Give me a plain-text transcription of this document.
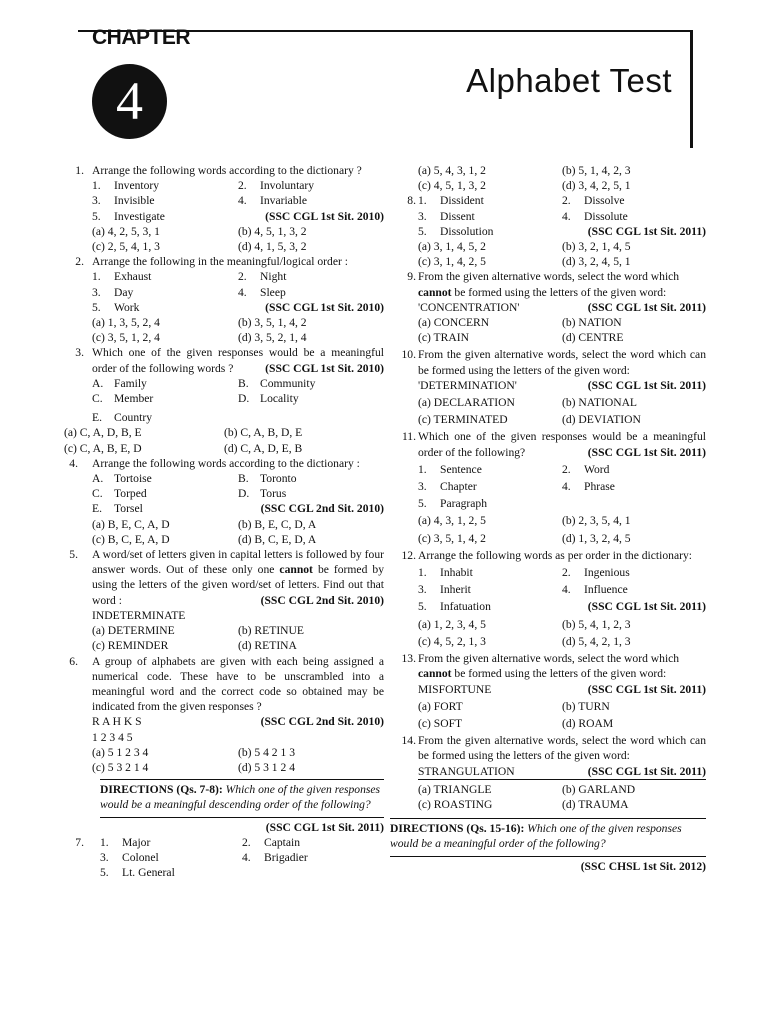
CHAPTER
4	Alphabet Test
1. Arrange the following words according to the dictionary ?
1. Inventory	2. Involuntary
3. Invisible	4. Invariable
5. Investigate	(SSC CGL 1st Sit. 2010)
(a) 4, 2, 5, 3, 1	(b) 4, 5, 1, 3, 2
(c) 2, 5, 4, 1, 3	(d) 4, 1, 5, 3, 2
2. Arrange the following in the meaningful/logical order :
1. Exhaust	2. Night
3. Day	4. Sleep
5. Work	(SSC CGL 1st Sit. 2010)
(a) 1, 3, 5, 2, 4	(b) 3, 5, 1, 4, 2
(c) 3, 5, 1, 2, 4	(d) 3, 5, 2, 1, 4
3. Which one of the given responses would be a meaningful order of the following words ?	(SSC CGL 1st Sit. 2010)
A. Family	B. Community
C. Member	D. Locality
E. Country
(a) C, A, D, B, E	(b) C, A, B, D, E
(c) C, A, B, E, D	(d) C, A, D, E, B
4. Arrange the following words according to the dictionary :
A. Tortoise	B. Toronto
C. Torped	D. Torus
E. Torsel	(SSC CGL 2nd Sit. 2010)
(a) B, E, C, A, D	(b) B, E, C, D, A
(c) B, C, E, A, D	(d) B, C, E, D, A
5. A word/set of letters given in capital letters is followed by four answer words. Out of these only one cannot be formed by using the letters of the given word/set of letters. Find out that word :	(SSC CGL 2nd Sit. 2010)
INDETERMINATE
(a) DETERMINE	(b) RETINUE
(c) REMINDER	(d) RETINA
6. A group of alphabets are given with each being assigned a numerical code. These have to be unscrambled into a meaningful word and the correct code so obtained may be indicated from the given responses ?
R A H K S	(SSC CGL 2nd Sit. 2010)
1 2 3 4 5
(a) 5 1 2 3 4	(b) 5 4 2 1 3
(c) 5 3 2 1 4	(d) 5 3 1 2 4
DIRECTIONS (Qs. 7-8): Which one of the given responses would be a meaningful descending order of the following?
(SSC CGL 1st Sit. 2011)
7. 1. Major	2. Captain
3. Colonel	4. Brigadier
5. Lt. General
(a) 5, 4, 3, 1, 2	(b) 5, 1, 4, 2, 3
(c) 4, 5, 1, 3, 2	(d) 3, 4, 2, 5, 1
8. 1. Dissident	2. Dissolve
3. Dissent	4. Dissolute
5. Dissolution	(SSC CGL 1st Sit. 2011)
(a) 3, 1, 4, 5, 2	(b) 3, 2, 1, 4, 5
(c) 3, 1, 4, 2, 5	(d) 3, 2, 4, 5, 1
9. From the given alternative words, select the word which
cannot be formed using the letters of the given word:
'CONCENTRATION'	(SSC CGL 1st Sit. 2011)
(a) CONCERN	(b) NATION
(c) TRAIN	(d) CENTRE
10. From the given alternative words, select the word which can be formed using the letters of the given word:
'DETERMINATION'	(SSC CGL 1st Sit. 2011)
(a) DECLARATION	(b) NATIONAL
(c) TERMINATED	(d) DEVIATION
11. Which one of the given responses would be a meaningful order of the following?	(SSC CGL 1st Sit. 2011)
1. Sentence	2. Word
3. Chapter	4. Phrase
5. Paragraph
(a) 4, 3, 1, 2, 5	(b) 2, 3, 5, 4, 1
(c) 3, 5, 1, 4, 2	(d) 1, 3, 2, 4, 5
12. Arrange the following words as per order in the dictionary:
1. Inhabit	2. Ingenious
3. Inherit	4. Influence
5. Infatuation	(SSC CGL 1st Sit. 2011)
(a) 1, 2, 3, 4, 5	(b) 5, 4, 1, 2, 3
(c) 4, 5, 2, 1, 3	(d) 5, 4, 2, 1, 3
13. From the given alternative words, select the word which
cannot be formed using the letters of the given word:
MISFORTUNE	(SSC CGL 1st Sit. 2011)
(a) FORT	(b) TURN
(c) SOFT	(d) ROAM
14. From the given alternative words, select the word which can be formed using the letters of the given word:
STRANGULATION	(SSC CGL 1st Sit. 2011)
(a) TRIANGLE	(b) GARLAND
(c) ROASTING	(d) TRAUMA
DIRECTIONS (Qs. 15-16): Which one of the given responses would be a meaningful order of the following?
(SSC CHSL 1st Sit. 2012)
